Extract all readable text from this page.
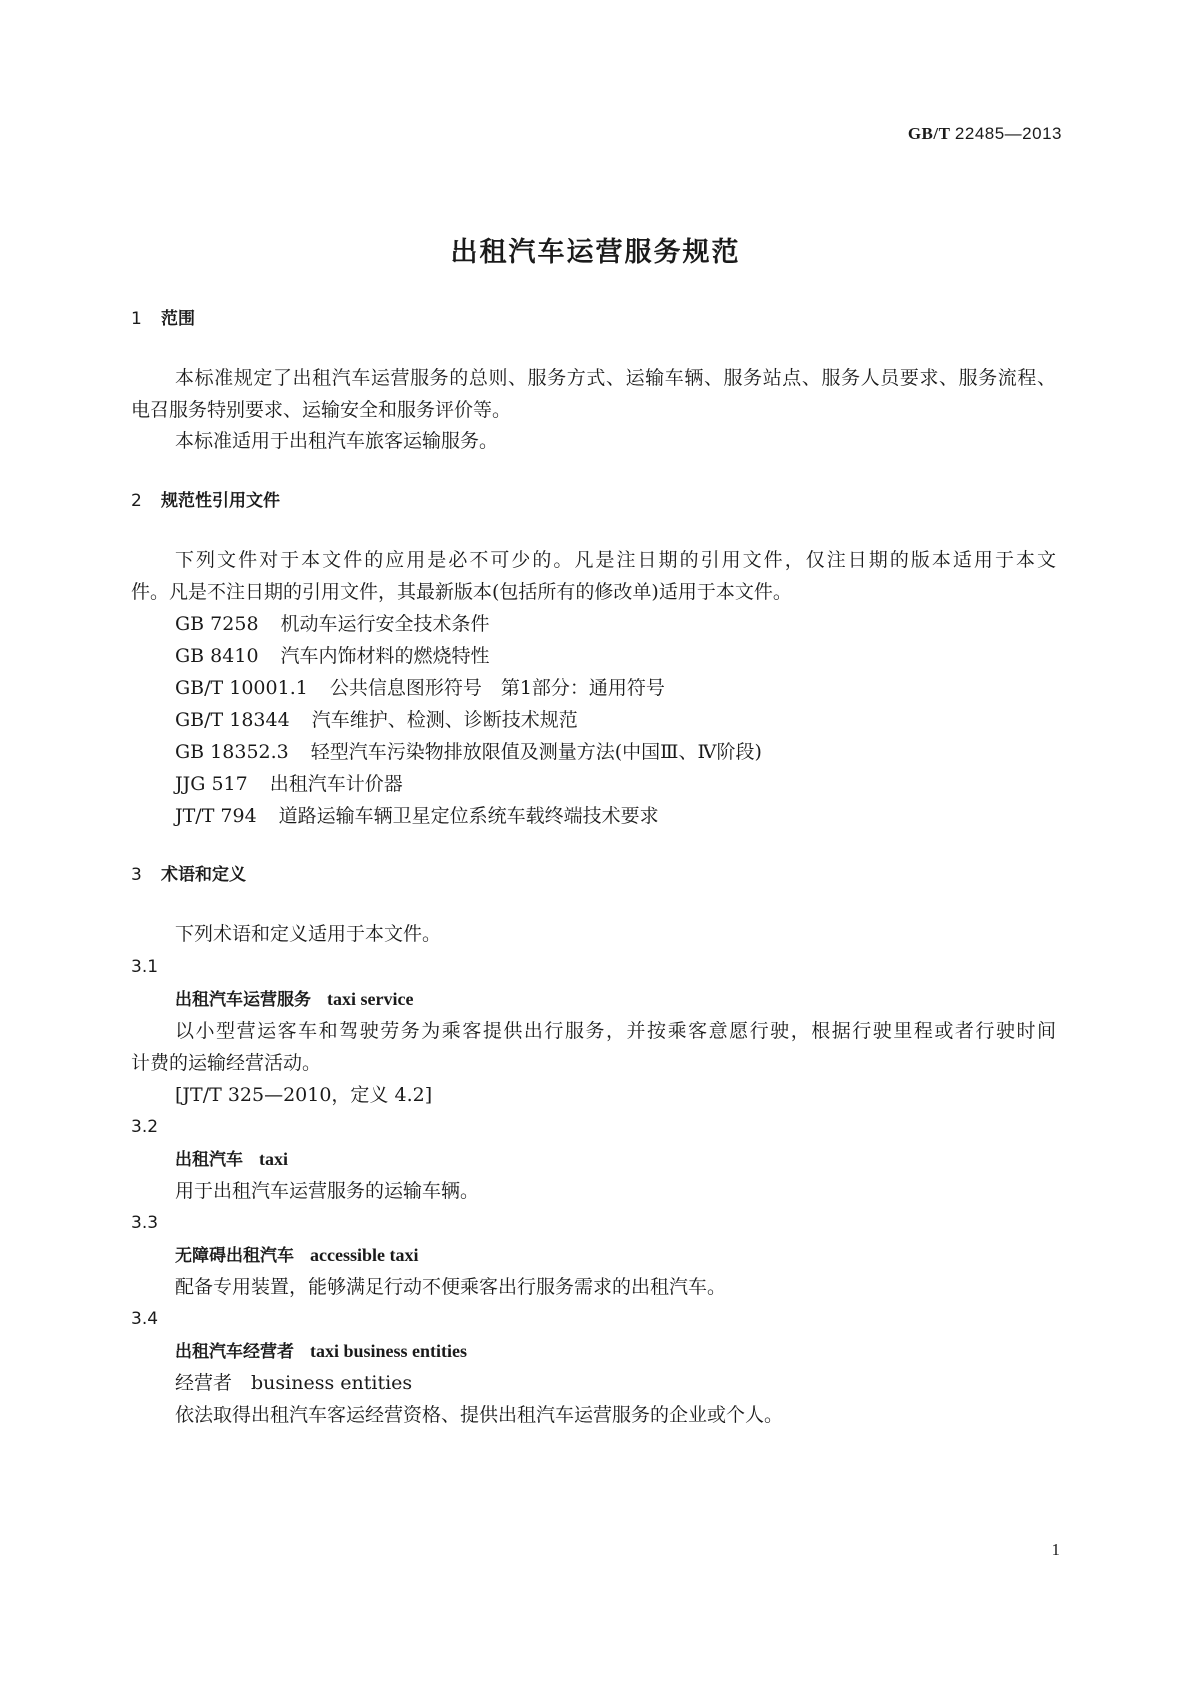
GB/T 22485—2013
出租汽车运营服务规范
1 范围
本标准规定了出租汽车运营服务的总则、服务方式、运输车辆、服务站点、服务人员要求、服务流程、
电召服务特别要求、运输安全和服务评价等。
本标准适用于出租汽车旅客运输服务。
2 规范性引用文件
下列文件对于本文件的应用是必不可少的。凡是注日期的引用文件，仅注日期的版本适用于本文
件。凡是不注日期的引用文件，其最新版本(包括所有的修改单)适用于本文件。
GB 7258 机动车运行安全技术条件
GB 8410 汽车内饰材料的燃烧特性
GB/T 10001.1 公共信息图形符号　第1部分：通用符号
GB/T 18344 汽车维护、检测、诊断技术规范
GB 18352.3 轻型汽车污染物排放限值及测量方法(中国Ⅲ、Ⅳ阶段)
JJG 517 出租汽车计价器
JT/T 794 道路运输车辆卫星定位系统车载终端技术要求
3 术语和定义
下列术语和定义适用于本文件。
3.1
出租汽车运营服务 taxi service
以小型营运客车和驾驶劳务为乘客提供出行服务，并按乘客意愿行驶，根据行驶里程或者行驶时间
计费的运输经营活动。
[JT/T 325—2010，定义 4.2]
3.2
出租汽车 taxi
用于出租汽车运营服务的运输车辆。
3.3
无障碍出租汽车 accessible taxi
配备专用装置，能够满足行动不便乘客出行服务需求的出租汽车。
3.4
出租汽车经营者 taxi business entities
经营者　business entities
依法取得出租汽车客运经营资格、提供出租汽车运营服务的企业或个人。
1
